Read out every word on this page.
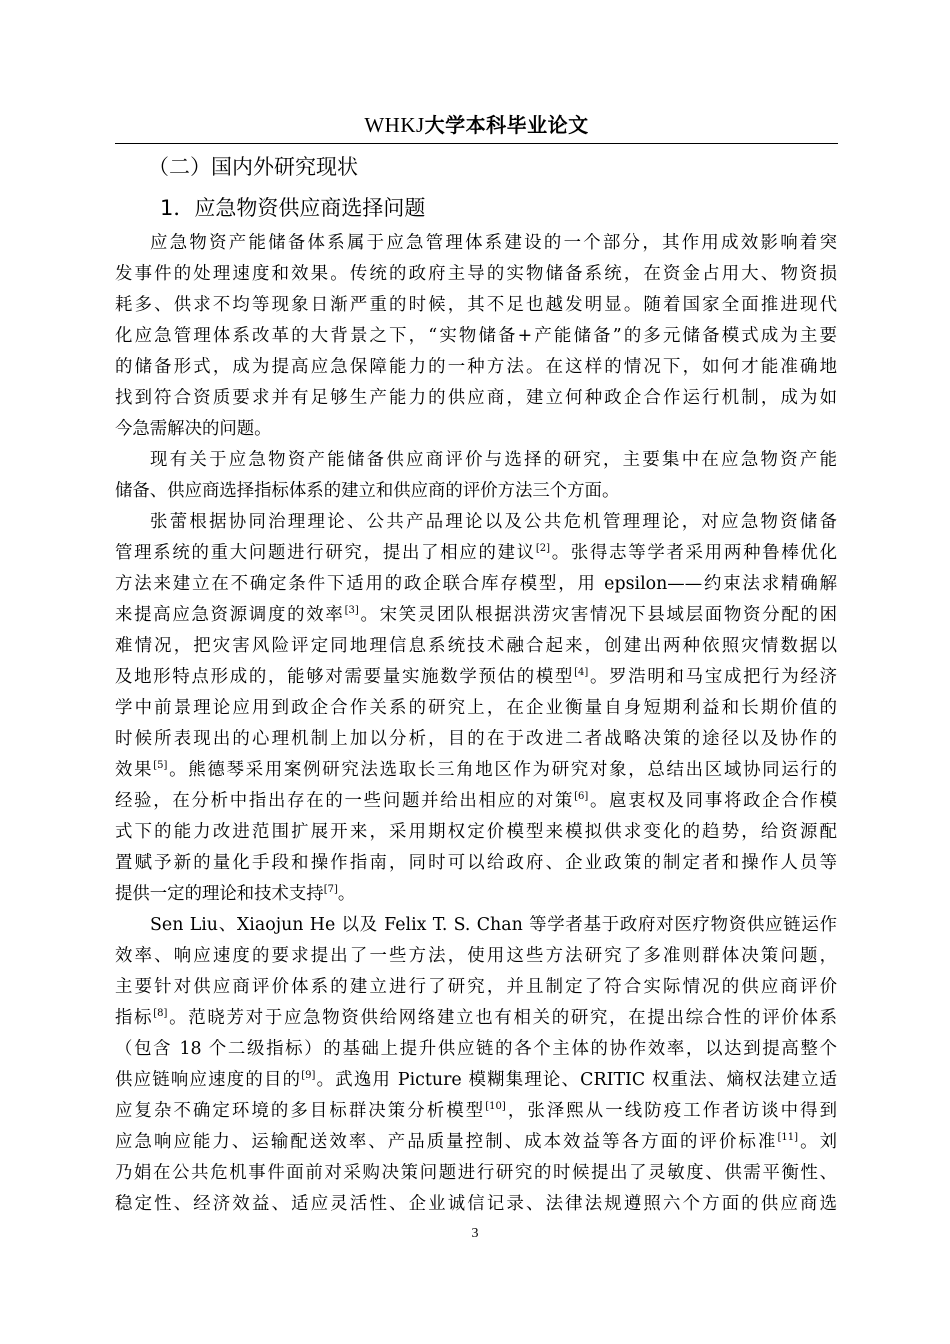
WHKJ大学本科毕业论文
（二）国内外研究现状
1．应急物资供应商选择问题
应急物资产能储备体系属于应急管理体系建设的一个部分，其作用成效影响着突
发事件的处理速度和效果。传统的政府主导的实物储备系统，在资金占用大、物资损
耗多、供求不均等现象日渐严重的时候，其不足也越发明显。随着国家全面推进现代
化应急管理体系改革的大背景之下，“实物储备+产能储备”的多元储备模式成为主要
的储备形式，成为提高应急保障能力的一种方法。在这样的情况下，如何才能准确地
找到符合资质要求并有足够生产能力的供应商，建立何种政企合作运行机制，成为如
今急需解决的问题。
现有关于应急物资产能储备供应商评价与选择的研究，主要集中在应急物资产能
储备、供应商选择指标体系的建立和供应商的评价方法三个方面。
张蕾根据协同治理理论、公共产品理论以及公共危机管理理论，对应急物资储备
管理系统的重大问题进行研究，提出了相应的建议[2]。张得志等学者采用两种鲁棒优化
方法来建立在不确定条件下适用的政企联合库存模型，用 epsilon——约束法求精确解
来提高应急资源调度的效率[3]。宋笑灵团队根据洪涝灾害情况下县域层面物资分配的困
难情况，把灾害风险评定同地理信息系统技术融合起来，创建出两种依照灾情数据以
及地形特点形成的，能够对需要量实施数学预估的模型[4]。罗浩明和马宝成把行为经济
学中前景理论应用到政企合作关系的研究上，在企业衡量自身短期利益和长期价值的
时候所表现出的心理机制上加以分析，目的在于改进二者战略决策的途径以及协作的
效果[5]。熊德琴采用案例研究法选取长三角地区作为研究对象，总结出区域协同运行的
经验，在分析中指出存在的一些问题并给出相应的对策[6]。扈衷权及同事将政企合作模
式下的能力改进范围扩展开来，采用期权定价模型来模拟供求变化的趋势，给资源配
置赋予新的量化手段和操作指南，同时可以给政府、企业政策的制定者和操作人员等
提供一定的理论和技术支持[7]。
Sen Liu、Xiaojun He 以及 Felix T. S. Chan 等学者基于政府对医疗物资供应链运作
效率、响应速度的要求提出了一些方法，使用这些方法研究了多准则群体决策问题，
主要针对供应商评价体系的建立进行了研究，并且制定了符合实际情况的供应商评价
指标[8]。范晓芳对于应急物资供给网络建立也有相关的研究，在提出综合性的评价体系
（包含 18 个二级指标）的基础上提升供应链的各个主体的协作效率，以达到提高整个
供应链响应速度的目的[9]。武逸用 Picture 模糊集理论、CRITIC 权重法、熵权法建立适
应复杂不确定环境的多目标群决策分析模型[10]，张泽熙从一线防疫工作者访谈中得到
应急响应能力、运输配送效率、产品质量控制、成本效益等各方面的评价标准[11]。刘
乃娟在公共危机事件面前对采购决策问题进行研究的时候提出了灵敏度、供需平衡性、
稳定性、经济效益、适应灵活性、企业诚信记录、法律法规遵照六个方面的供应商选
3
